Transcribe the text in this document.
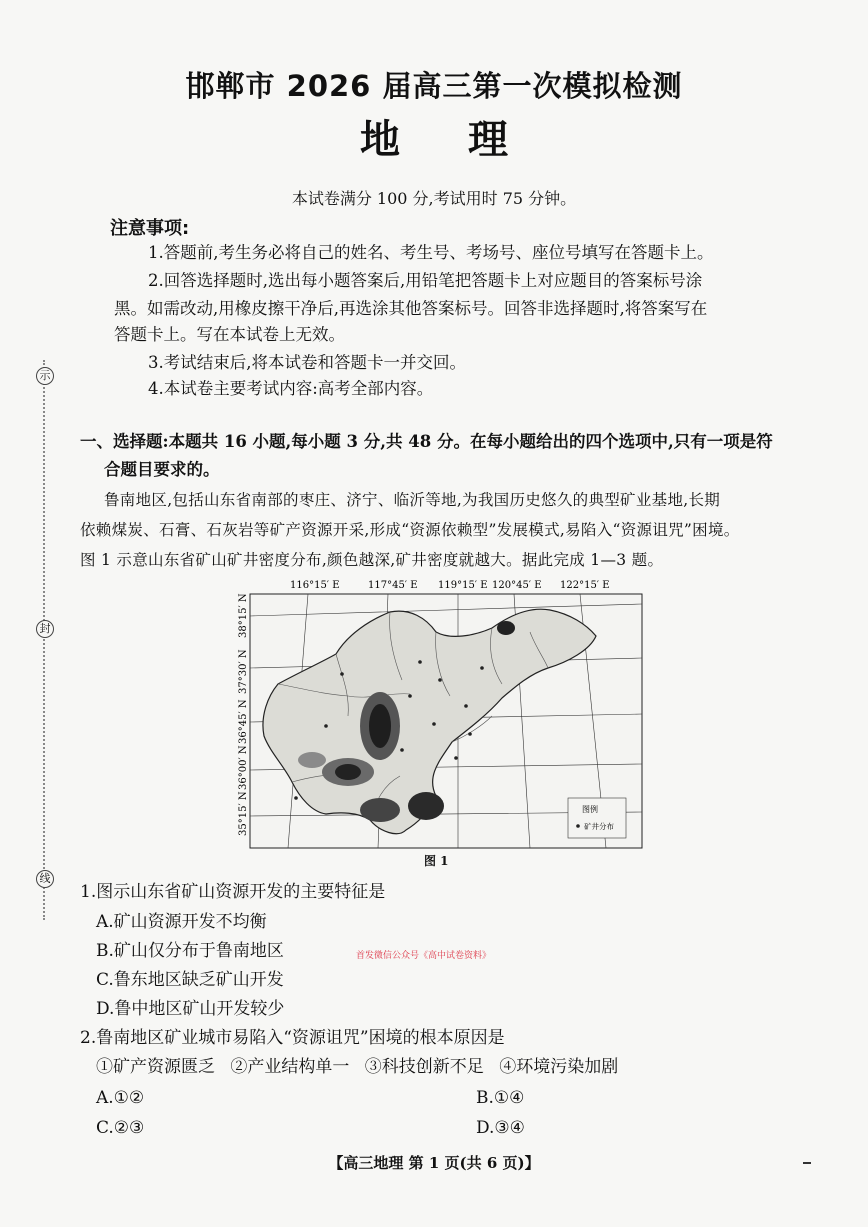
邯郸市 2026 届高三第一次模拟检测
地理
本试卷满分 100 分,考试用时 75 分钟。
注意事项:
1.答题前,考生务必将自己的姓名、考生号、考场号、座位号填写在答题卡上。
2.回答选择题时,选出每小题答案后,用铅笔把答题卡上对应题目的答案标号涂
黑。如需改动,用橡皮擦干净后,再选涂其他答案标号。回答非选择题时,将答案写在
答题卡上。写在本试卷上无效。
3.考试结束后,将本试卷和答题卡一并交回。
4.本试卷主要考试内容:高考全部内容。
示
封
线
一、选择题:本题共 16 小题,每小题 3 分,共 48 分。在每小题给出的四个选项中,只有一项是符
合题目要求的。
鲁南地区,包括山东省南部的枣庄、济宁、临沂等地,为我国历史悠久的典型矿业基地,长期
依赖煤炭、石膏、石灰岩等矿产资源开采,形成“资源依赖型”发展模式,易陷入“资源诅咒”困境。
图 1 示意山东省矿山矿井密度分布,颜色越深,矿井密度就越大。据此完成 1—3 题。
116°15′ E	117°45′ E 119°15′ E 120°45′ E 122°15′ E
38°15′ N
37°30′ N
36°45′ N
36°00′ N
35°15′ N	图例
矿井分布
图 1
首发微信公众号《高中试卷资料》
1.图示山东省矿山资源开发的主要特征是
A.矿山资源开发不均衡
B.矿山仅分布于鲁南地区
C.鲁东地区缺乏矿山开发
D.鲁中地区矿山开发较少
2.鲁南地区矿业城市易陷入“资源诅咒”困境的根本原因是
①矿产资源匮乏 ②产业结构单一 ③科技创新不足 ④环境污染加剧
A.①②	B.①④
C.②③	D.③④
【高三地理 第 1 页(共 6 页)】
